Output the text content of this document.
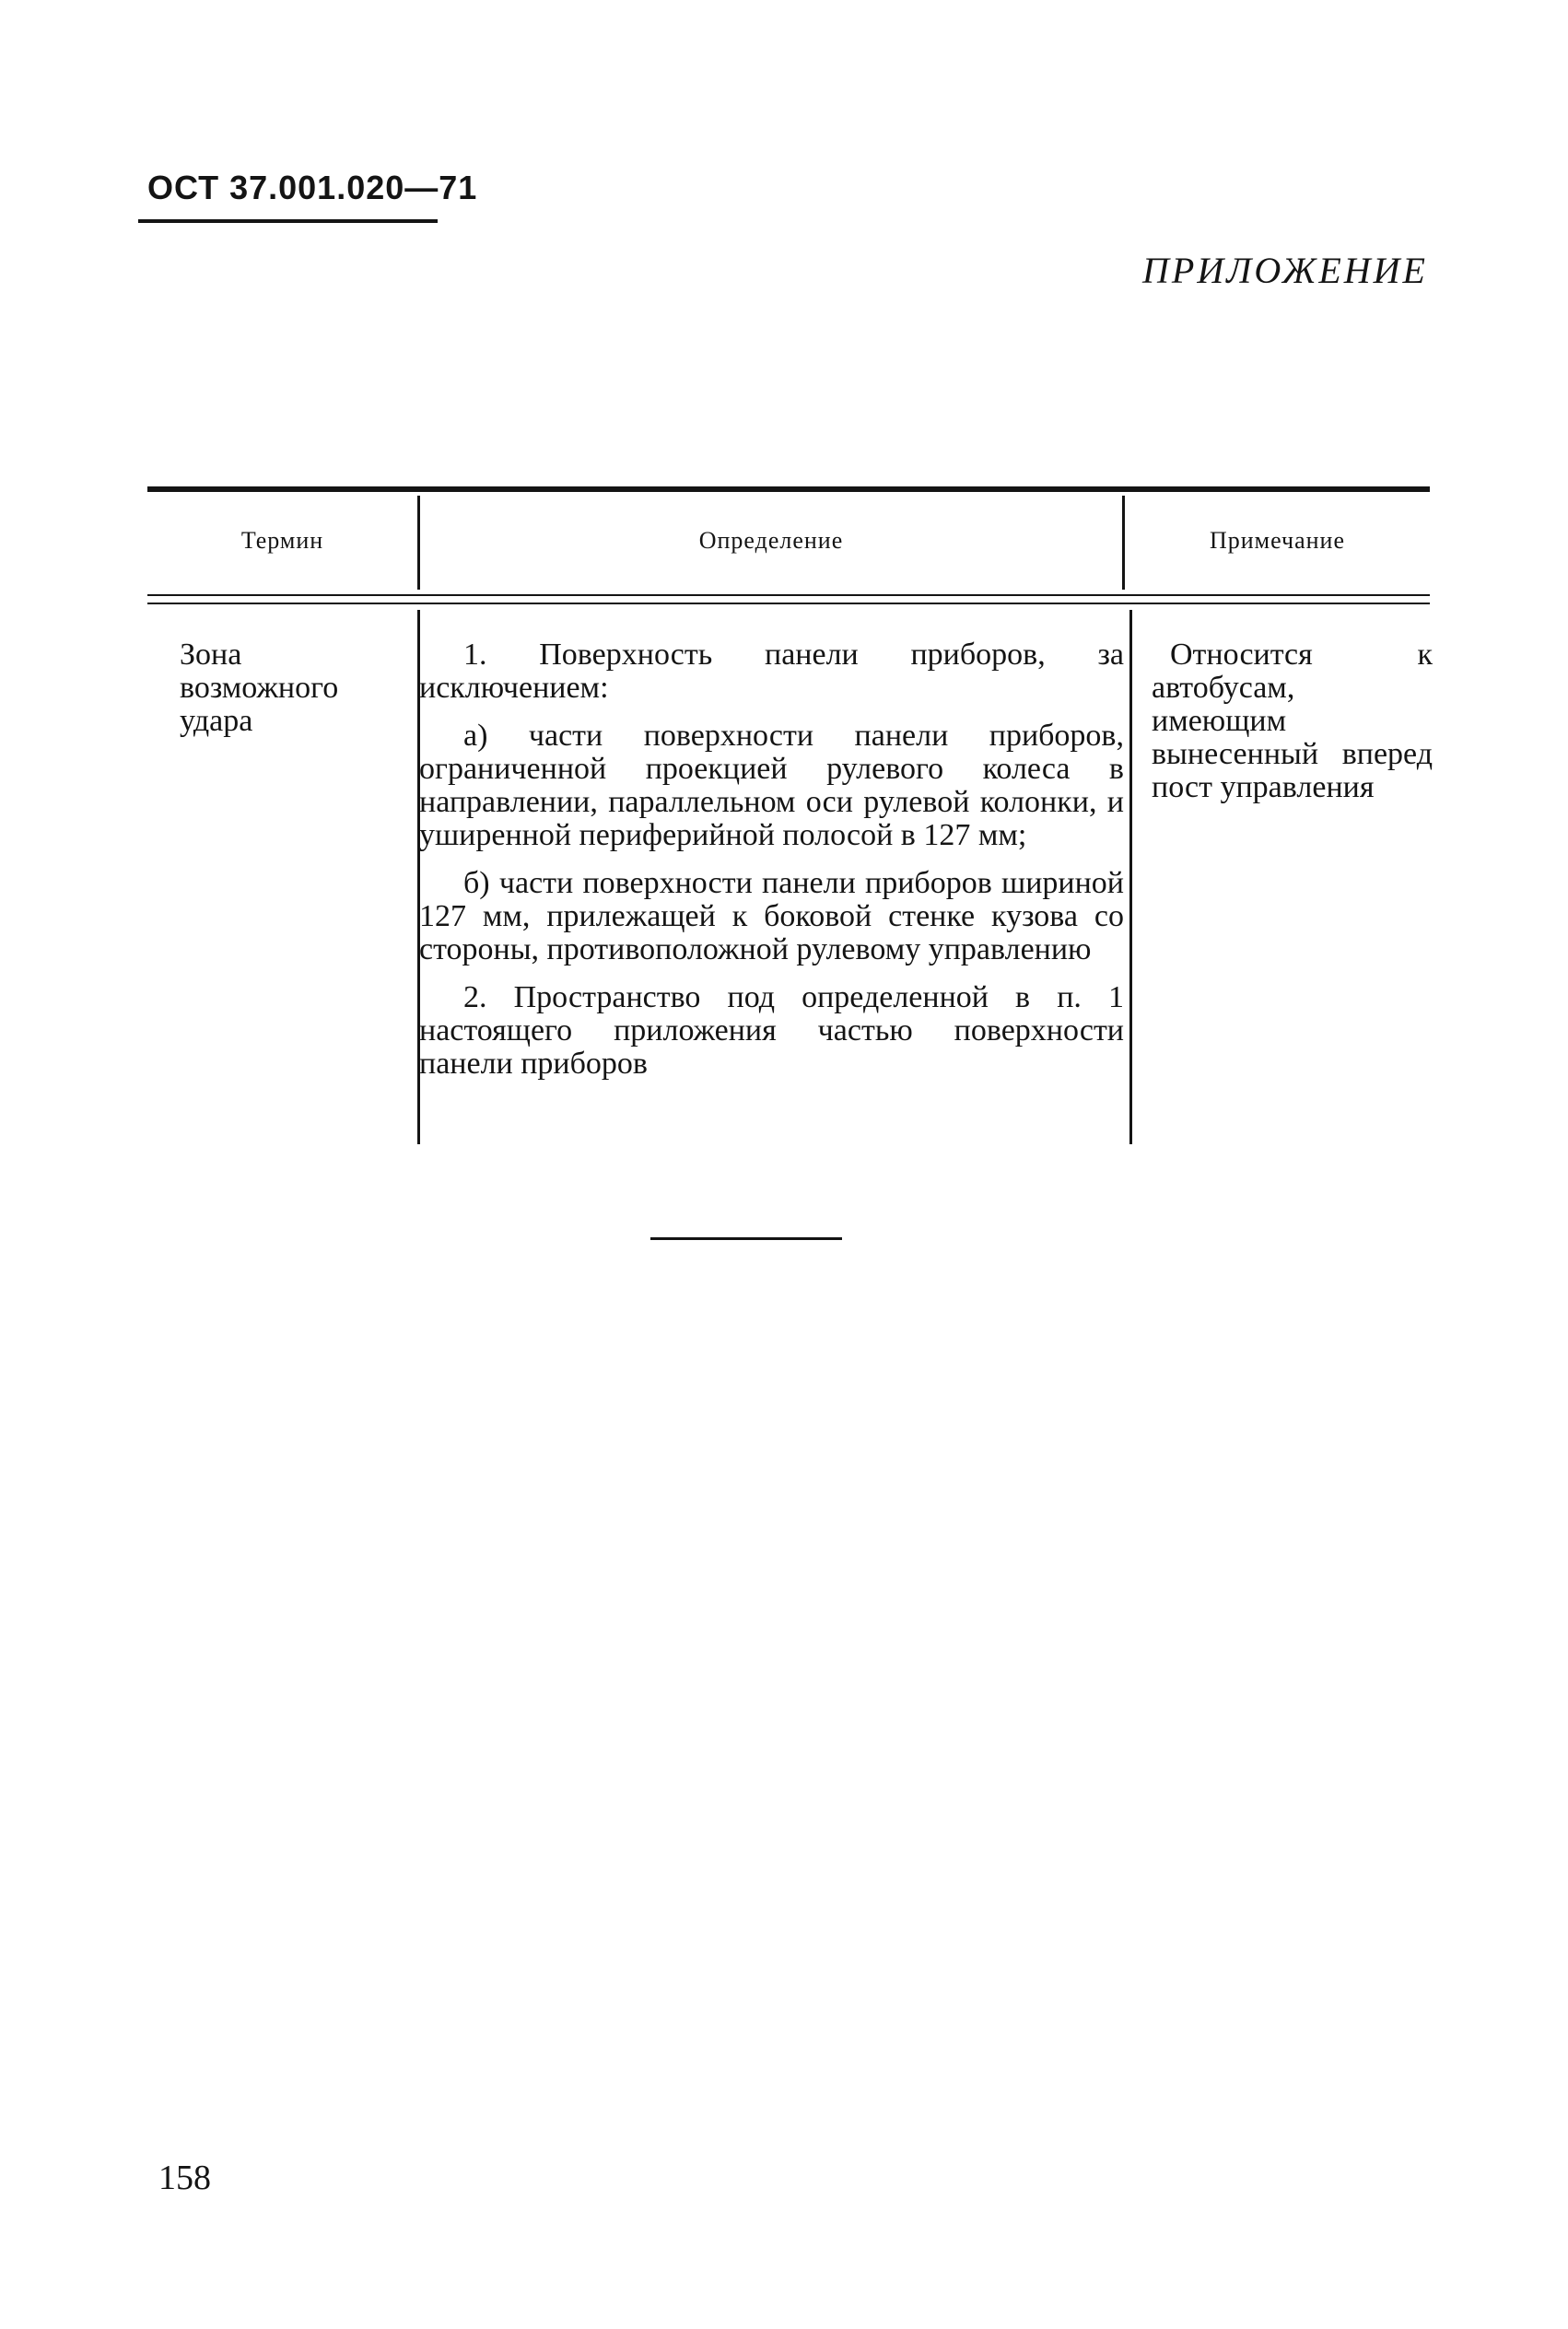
ОСТ 37.001.020—71
ПРИЛОЖЕНИЕ
Термин	Определение	Примечание
Зона возможного удара

1. Поверхность панели приборов, за исключением:

а) части поверхности панели приборов, ограниченной проекцией рулевого колеса в направлении, параллельном оси рулевой колонки, и уширенной периферийной полосой в 127 мм;

б) части поверхности панели приборов шириной 127 мм, прилежащей к боковой стенке кузова со стороны, противоположной рулевому управлению

2. Пространство под определенной в п. 1 настоящего приложения частью поверхности панели приборов

Относится к автобусам, имеющим вынесенный вперед пост управления

158
